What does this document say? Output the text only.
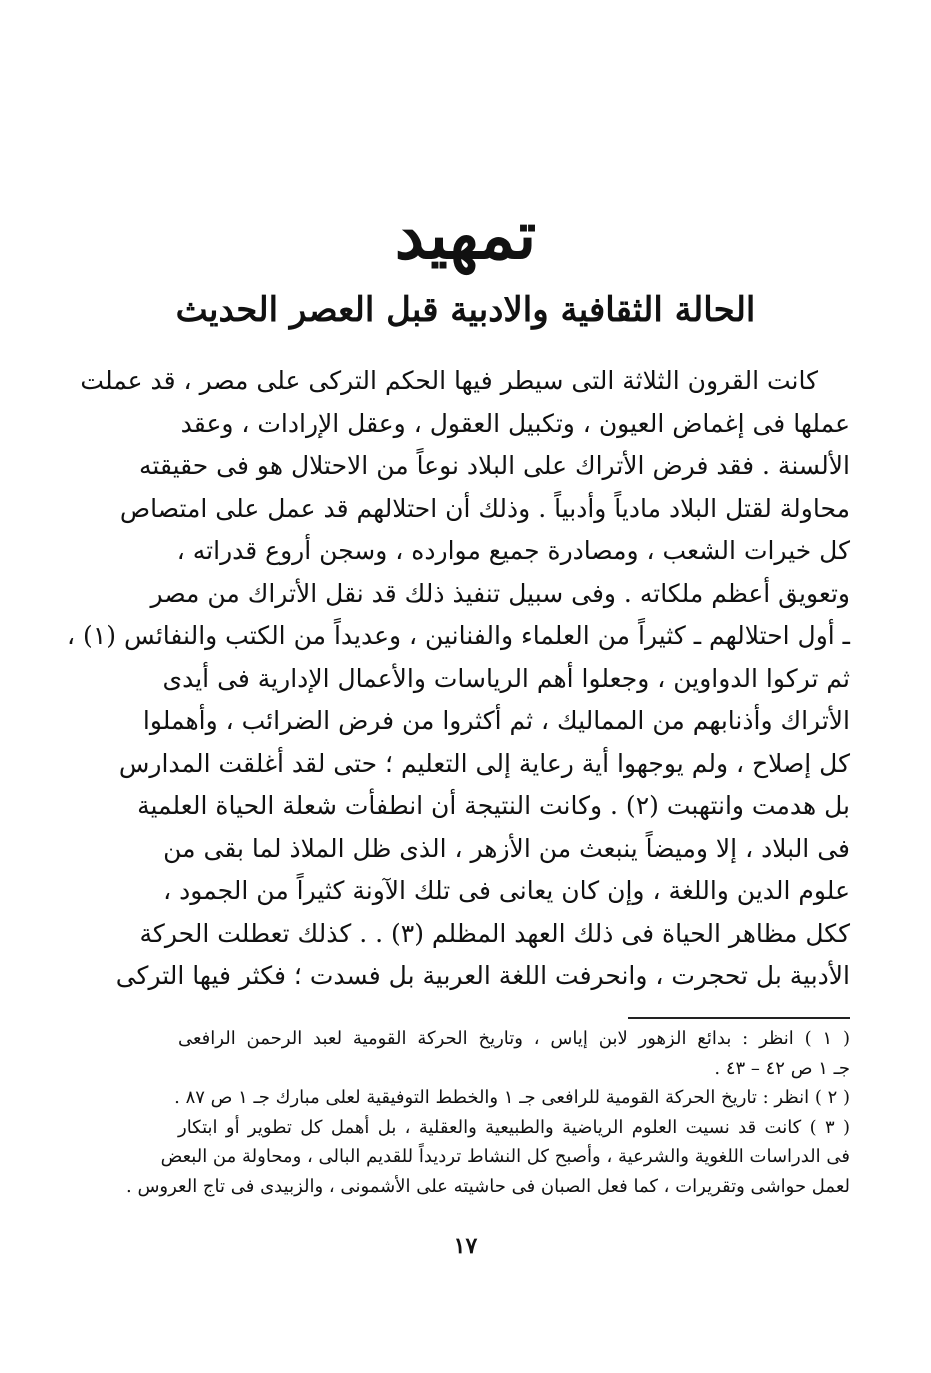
تمهيد
الحالة الثقافية والادبية قبل العصر الحديث
كانت القرون الثلاثة التى سيطر فيها الحكم التركى على مصر ، قد عملت
عملها فى إغماض العيون ، وتكبيل العقول ، وعقل الإرادات ، وعقد
الألسنة . فقد فرض الأتراك على البلاد نوعاً من الاحتلال هو فى حقيقته
محاولة لقتل البلاد مادياً وأدبياً . وذلك أن احتلالهم قد عمل على امتصاص
كل خيرات الشعب ، ومصادرة جميع موارده ، وسجن أروع قدراته ،
وتعويق أعظم ملكاته . وفى سبيل تنفيذ ذلك قد نقل الأتراك من مصر
ـ أول احتلالهم ـ كثيراً من العلماء والفنانين ، وعديداً من الكتب والنفائس (١) ،
ثم تركوا الدواوين ، وجعلوا أهم الرياسات والأعمال الإدارية فى أيدى
الأتراك وأذنابهم من المماليك ، ثم أكثروا من فرض الضرائب ، وأهملوا
كل إصلاح ، ولم يوجهوا أية رعاية إلى التعليم ؛ حتى لقد أغلقت المدارس
بل هدمت وانتهبت (٢) . وكانت النتيجة أن انطفأت شعلة الحياة العلمية
فى البلاد ، إلا وميضاً ينبعث من الأزهر ، الذى ظل الملاذ لما بقى من
علوم الدين واللغة ، وإن كان يعانى فى تلك الآونة كثيراً من الجمود ،
ككل مظاهر الحياة فى ذلك العهد المظلم (٣) . . كذلك تعطلت الحركة
الأدبية بل تحجرت ، وانحرفت اللغة العربية بل فسدت ؛ فكثر فيها التركى
( ١ ) انظر : بدائع الزهور لابن إياس ، وتاريخ الحركة القومية لعبد الرحمن الرافعى
جـ ١ ص ٤٢ – ٤٣ .
( ٢ ) انظر : تاريخ الحركة القومية للرافعى جـ ١ والخطط التوفيقية لعلى مبارك جـ ١ ص ٨٧ .
( ٣ ) كانت قد نسيت العلوم الرياضية والطبيعية والعقلية ، بل أهمل كل تطوير أو ابتكار
فى الدراسات اللغوية والشرعية ، وأصبح كل النشاط ترديداً للقديم البالى ، ومحاولة من البعض
لعمل حواشى وتقريرات ، كما فعل الصبان فى حاشيته على الأشمونى ، والزبيدى فى تاج العروس .
١٧
